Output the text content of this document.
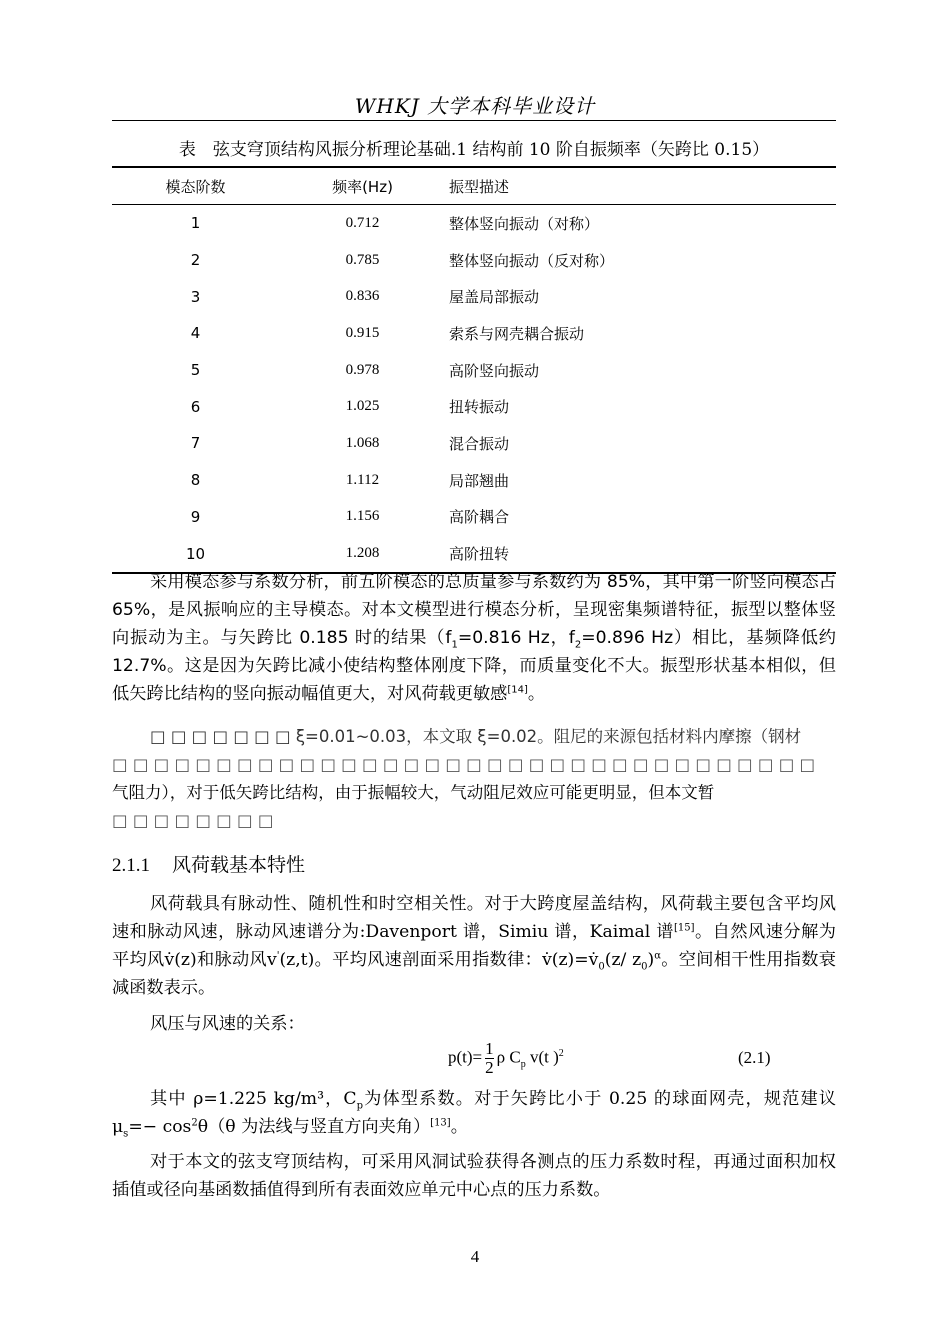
WHKJ 大学本科毕业设计
表　弦支穹顶结构风振分析理论基础.1 结构前 10 阶自振频率（矢跨比 0.15）
模态阶数	频率(Hz)	振型描述
1	0.712	整体竖向振动（对称）
2	0.785	整体竖向振动（反对称）
3	0.836	屋盖局部振动
4	0.915	索系与网壳耦合振动
5	0.978	高阶竖向振动
6	1.025	扭转振动
7	1.068	混合振动
8	1.112	局部翘曲
9	1.156	高阶耦合
10	1.208	高阶扭转
采用模态参与系数分析，前五阶模态的总质量参与系数约为 85%，其中第一阶竖向模态占 65%，是风振响应的主导模态。对本文模型进行模态分析，呈现密集频谱特征，振型以整体竖向振动为主。与矢跨比 0.185 时的结果（$f_1=0.816$ Hz，$f_2=0.896$ Hz）相比，基频降低约 12.7%。这是因为矢跨比减小使结构整体刚度下降，而质量变化不大。振型形状基本相似，但低矢跨比结构的竖向振动幅值更大，对风荷载更敏感[14]。
□ □ □ □ □ □ □ ξ=0.01~0.03，本文取 ξ=0.02。阻尼的来源包括材料内摩擦（钢材
□ □ □ □ □ □ □ □ □ □ □ □ □ □ □ □ □ □ □ □ □ □ □ □ □ □ □ □ □ □ □ □ □ □
气阻力），对于低矢跨比结构，由于振幅较大，气动阻尼效应可能更明显，但本文暂
□ □ □ □ □ □ □ □
2.1.1 风荷载基本特性
风荷载具有脉动性、随机性和时空相关性。对于大跨度屋盖结构，风荷载主要包含平均风速和脉动风速，脉动风速谱分为:Davenport 谱，Simiu 谱，Kaimal 谱[15]。自然风速分解为平均风v̇(z)和脉动风v'(z,t)。平均风速剖面采用指数律：$v̇(z)=v̇_0(z/$ $z_0)^\alpha$。空间相干性用指数衰减函数表示。
风压与风速的关系：
$p(t)= \frac{1}{2}$ ρ $C_p$ v(t )$^2$	(2.1)
其中 ρ=1.225 kg/m³，$C_p$为体型系数。对于矢跨比小于 0.25 的球面网壳，规范建议 $\mu_s=- \cos^2\theta(\theta$ 为法线与竖直方向夹角）[13]。
对于本文的弦支穹顶结构，可采用风洞试验获得各测点的压力系数时程，再通过面积加权插值或径向基函数插值得到所有表面效应单元中心点的压力系数。
4
